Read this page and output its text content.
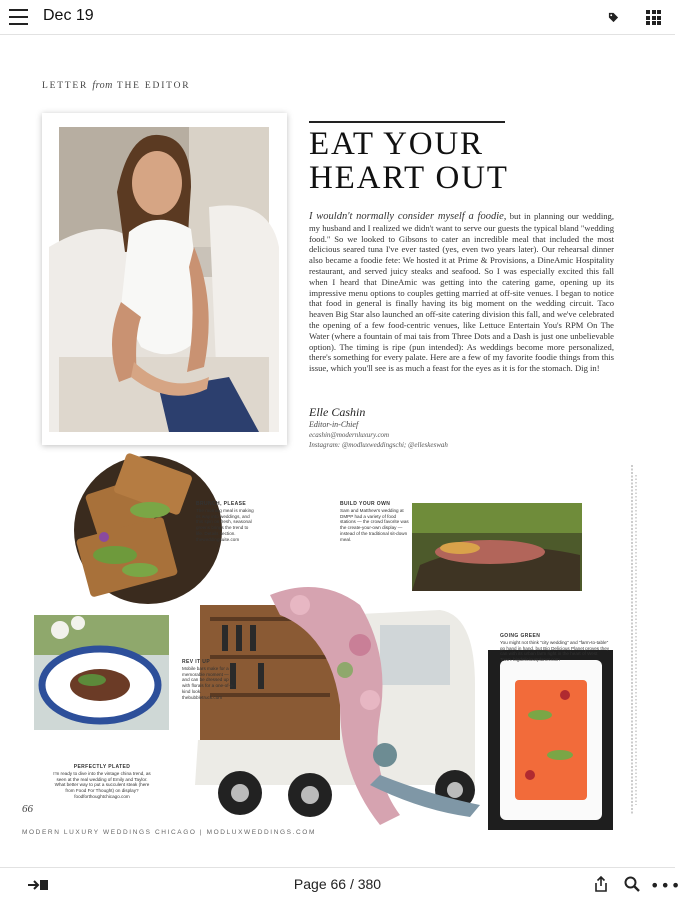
Dec 19
LETTER from THE EDITOR
EAT YOUR
HEART OUT
I wouldn't normally consider myself a foodie, but in planning our wedding, my husband and I realized we didn't want to serve our guests the typical bland "wedding food." So we looked to Gibsons to cater an incredible meal that included the most delicious seared tuna I've ever tasted (yes, even two years later). Our rehearsal dinner also became a foodie fete: We hosted it at Prime & Provisions, a DineAmic Hospitality restaurant, and served juicy steaks and seafood. So I was especially excited this fall when I heard that DineAmic was getting into the catering game, opening up its impressive menu options to couples getting married at off-site venues. I began to notice that food in general is finally having its big moment on the wedding circuit. Taco heaven Big Star also launched an off-site catering division this fall, and we've celebrated the opening of a few food-centric venues, like Lettuce Entertain You's RPM On The Water (where a fountain of mai tais from Three Dots and a Dash is just one unbelievable option). The timing is ripe (pun intended): As weddings become more personalized, there's something for every palate. Here are a few of my favorite foodie things from this issue, which you'll see is as much a feast for the eyes as it is for the stomach. Dig in!
Elle Cashin
Editor-in-Chief
ecashin@modernluxury.com
Instagram: @modluxweddingschi; @elleskeswah
BRUNCH, PLEASE
The morning meal is making its way into weddings, and this spin on fresh, seasonal greens brings the trend to life. Details section. theweddingsuite.com
BUILD YOUR OWN
Sam and Matthew's wedding at DMPP had a variety of food stations — the crowd favorite was the create-your-own display — instead of the traditional sit-down meal.
REV IT UP
Mobile bars make for a memorable moment — and can be dressed up with florals for a one-of-a-kind look. thebubbletruck.com
GOING GREEN
You might not think "city wedding" and "farm-to-table" go hand in hand, but Big Delicious Planet proves they can with its urban farm right in the heart of West Town. bigdeliciousplanet.com
PERFECTLY PLATED
I'm ready to dive into the vintage china trend, as seen at the real wedding of Emily and Taylor. What better way to put a succulent steak (here from Food For Thought) on display? foodforthoughtchicago.com
66
MODERN LUXURY WEDDINGS CHICAGO | MODLUXWEDDINGS.COM
Page 66 / 380	•••
